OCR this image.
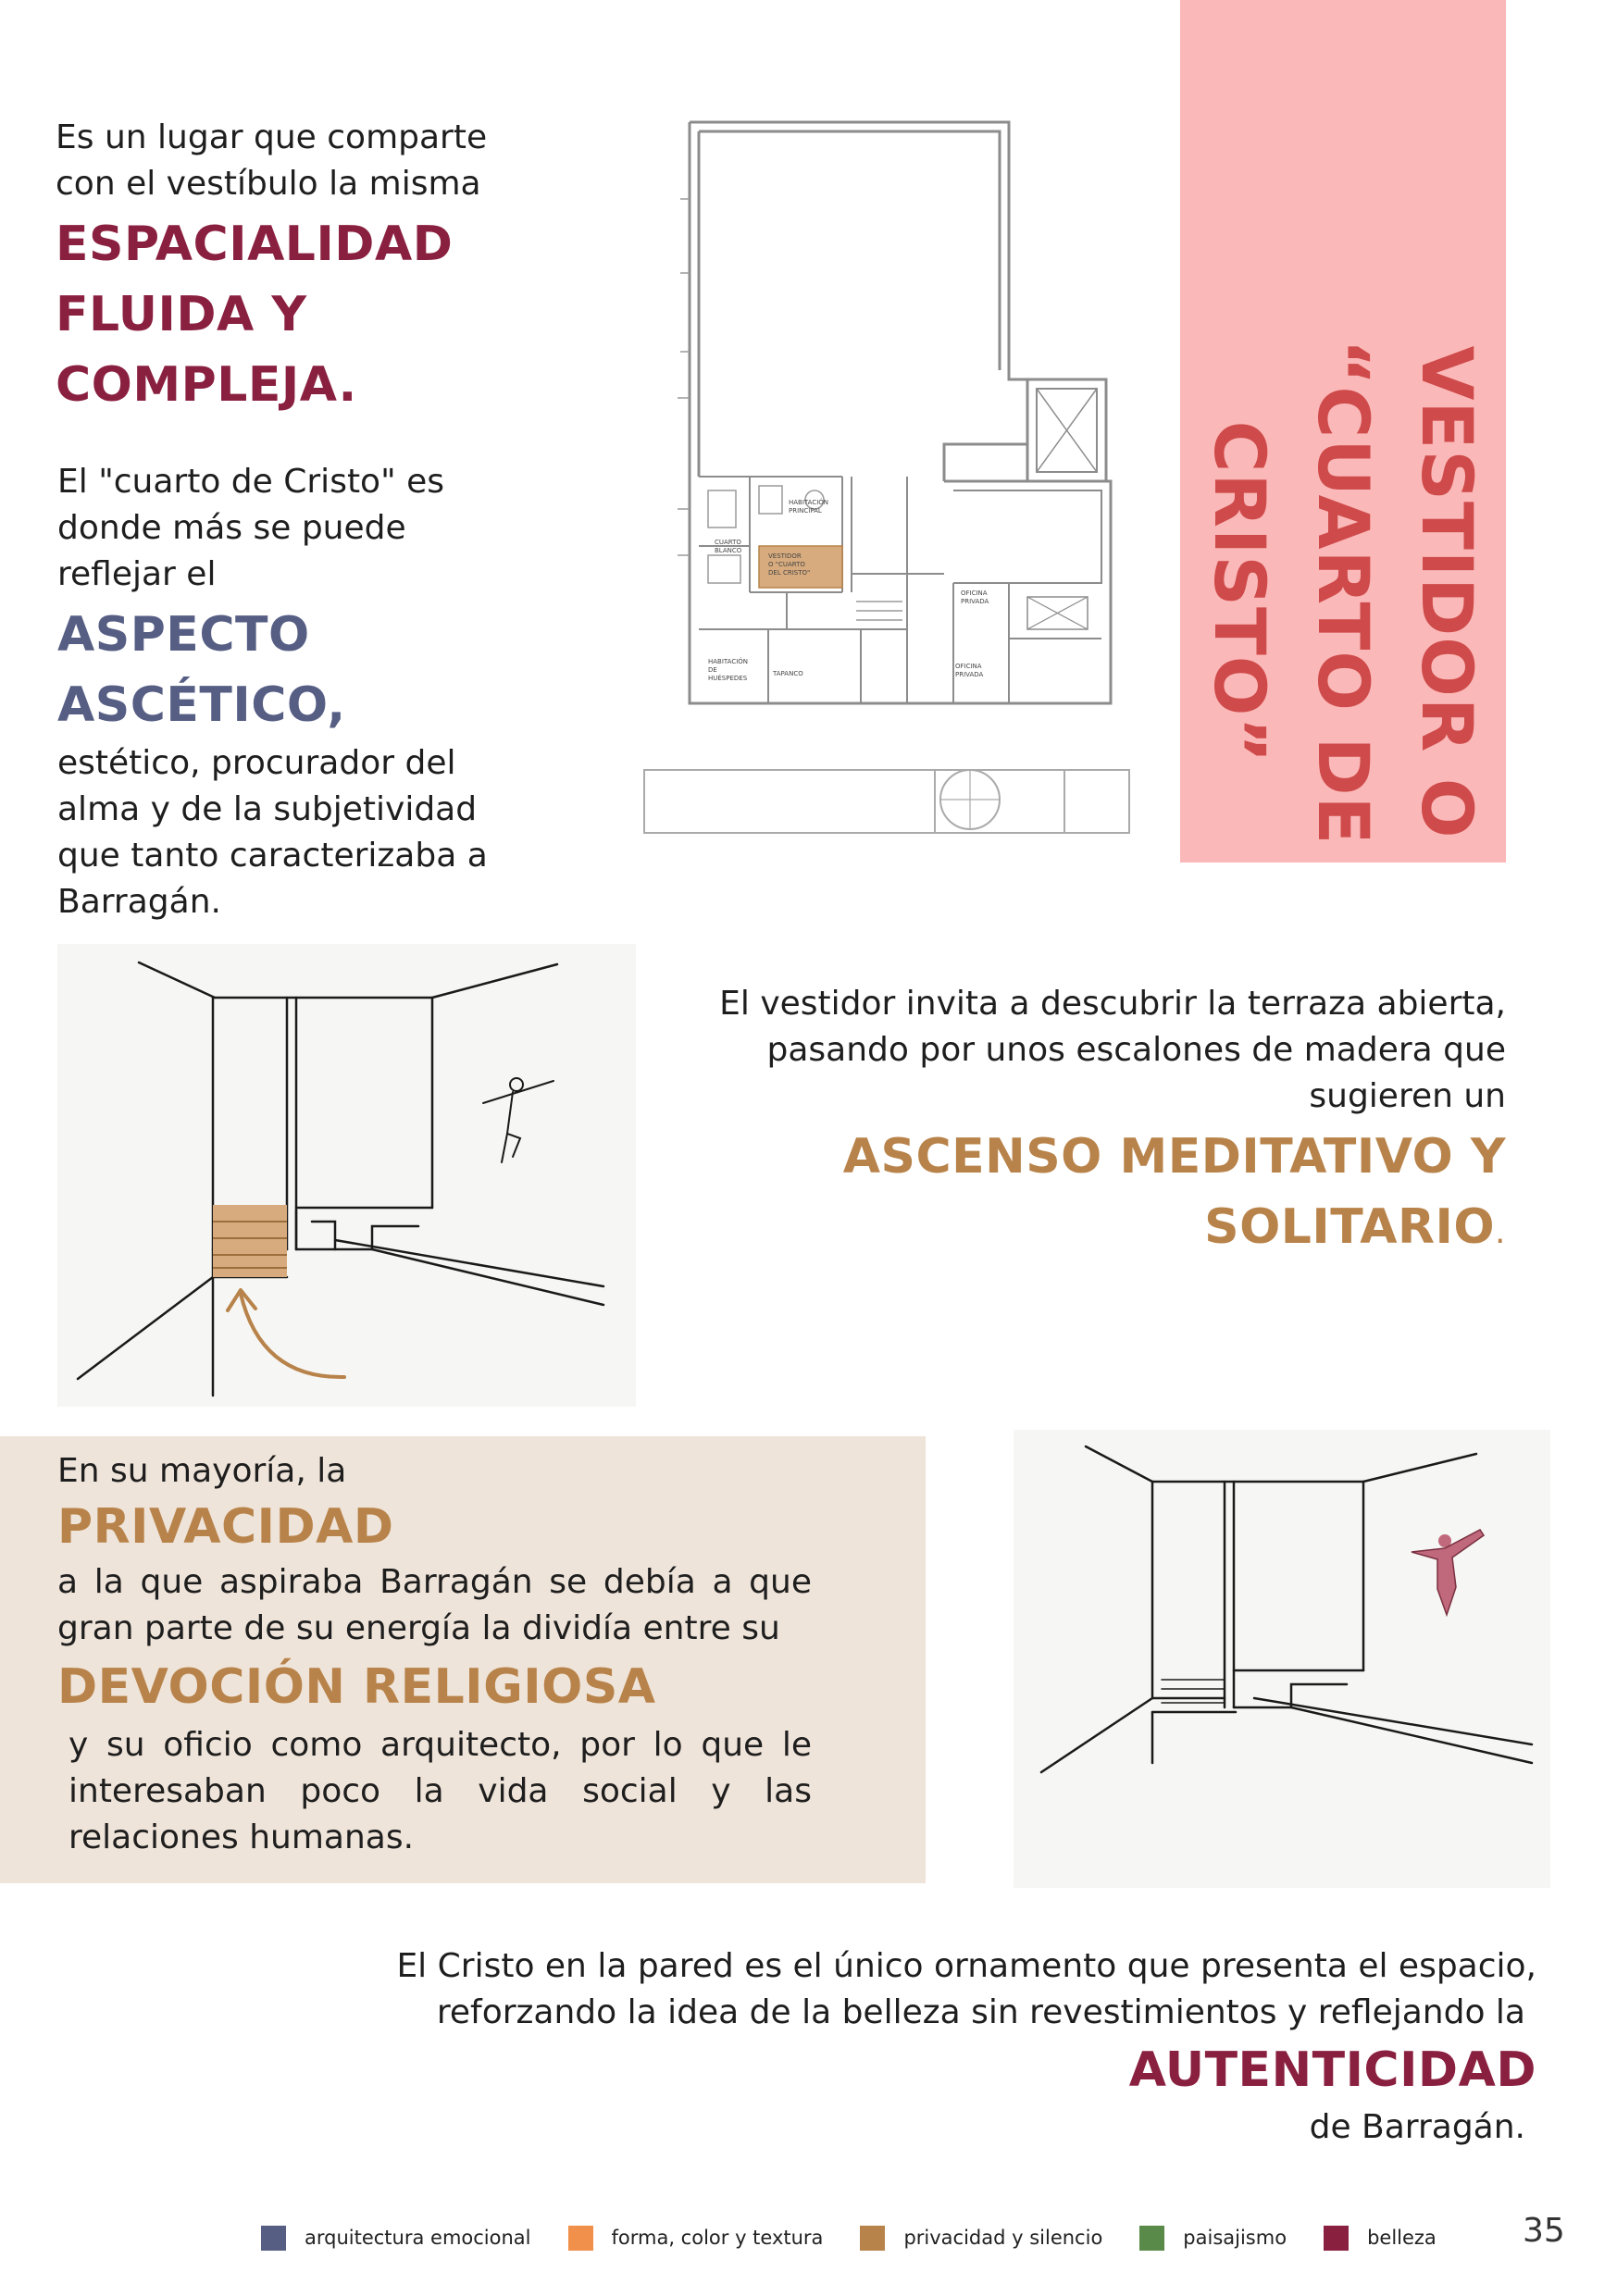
VESTIDOR O
“CUARTO DE CRISTO”
Es un lugar que comparte
con el vestíbulo la misma
ESPACIALIDAD
FLUIDA Y
COMPLEJA.
El "cuarto de Cristo" es
donde más se puede
reflejar el
ASPECTO
ASCÉTICO,
estético, procurador del
alma y de la subjetividad
que tanto caracterizaba a
Barragán.
CUARTO
BLANCO
HABITACIÓN
PRINCIPAL
VESTIDOR
O "CUARTO
DEL CRISTO"
HABITACIÓN
DE
HUÉSPEDES
TAPANCO
OFICINA
PRIVADA
OFICINA
PRIVADA
El vestidor invita a descubrir la terraza abierta,
pasando por unos escalones de madera que
sugieren un
ASCENSO MEDITATIVO Y
SOLITARIO.
En su mayoría, la
PRIVACIDAD
a la que aspiraba Barragán se debía a que gran parte de su energía la dividía entre su
DEVOCIÓN RELIGIOSA
y su oficio como arquitecto, por lo que le interesaban poco la vida social y las relaciones humanas.
El Cristo en la pared es el único ornamento que presenta el espacio,
reforzando la idea de la belleza sin revestimientos y reflejando la
AUTENTICIDAD
de Barragán.
arquitectura emocional	forma, color y textura	privacidad y silencio	paisajismo	belleza	35
